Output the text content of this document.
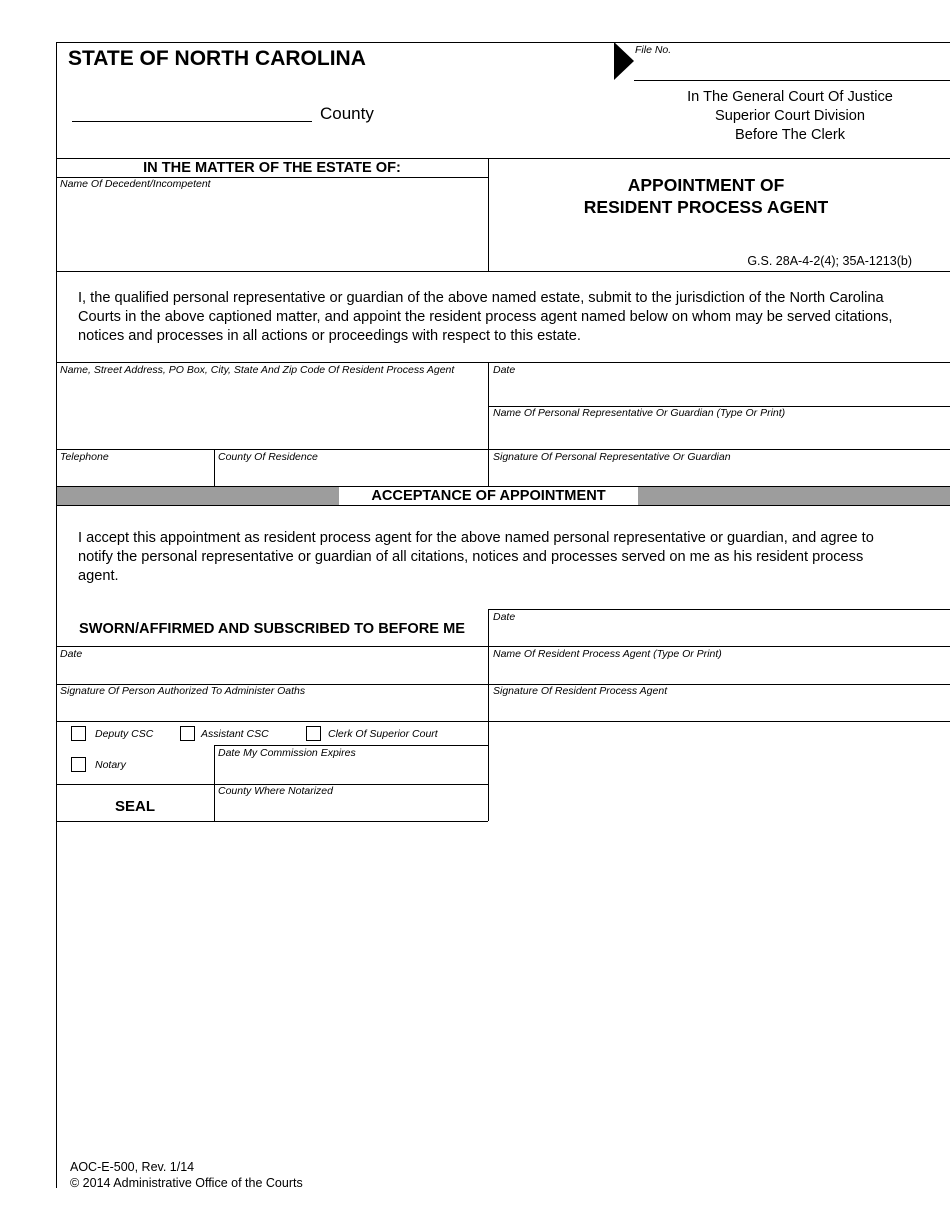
STATE OF NORTH CAROLINA	File No.
County
In The General Court Of Justice
Superior Court Division
Before The Clerk
IN THE MATTER OF THE ESTATE OF:
Name Of Decedent/Incompetent	APPOINTMENT OF
RESIDENT PROCESS AGENT
G.S. 28A-4-2(4); 35A-1213(b)
I, the qualified personal representative or guardian of the above named estate, submit to the jurisdiction of the North Carolina Courts in the above captioned matter, and appoint the resident process agent named below on whom may be served citations, notices and processes in all actions or proceedings with respect to this estate.
Name, Street Address, PO Box, City, State And Zip Code Of Resident Process Agent	Date
Name Of Personal Representative Or Guardian (Type Or Print)
Telephone	County Of Residence	Signature Of Personal Representative Or Guardian
ACCEPTANCE OF APPOINTMENT
I accept this appointment as resident process agent for the above named personal representative or guardian, and agree to notify the personal representative or guardian of all citations, notices and processes served on me as his resident process agent.
SWORN/AFFIRMED AND SUBSCRIBED TO BEFORE ME
Date
Date	Name Of Resident Process Agent (Type Or Print)
Signature Of Person Authorized To Administer Oaths	Signature Of Resident Process Agent
Deputy CSC	Assistant CSC	Clerk Of Superior Court
Notary
Date My Commission Expires
County Where Notarized
SEAL
AOC-E-500, Rev. 1/14
© 2014 Administrative Office of the Courts
